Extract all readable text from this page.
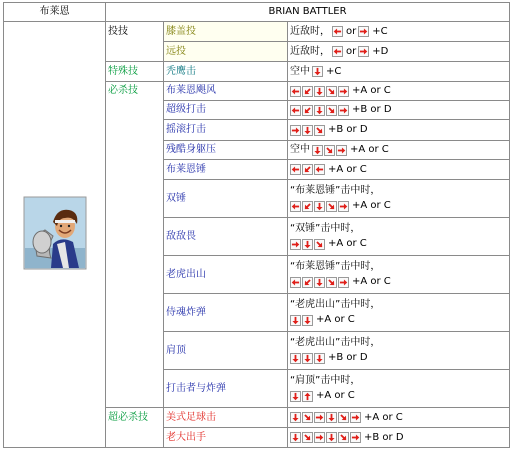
布莱恩	BRIAN BATTLER		
	投技	膝盖投	近敌时， or +C

		远投	近敌时， or +D

	特殊技	秃鹰击	空中 +C

	必杀技	布莱恩飓风	+A or C

		超级打击	+B or D

		摇滚打击	+B or D

		残酷身躯压	空中 +A or C

		布莱恩锤	+A or C

		双锤	“布莱恩锤”击中时，
+A or C

		敌敌畏	“双锤”击中时，
+A or C

		老虎出山	“布莱恩锤”击中时，
+A or C

		侍魂炸弹	“老虎出山”击中时，
+A or C

		肩顶	“老虎出山”击中时，
+B or D

		打击者与炸弹	“肩顶”击中时，
+A or C

	超必杀技	美式足球击	+A or C

		老大出手	+B or D
